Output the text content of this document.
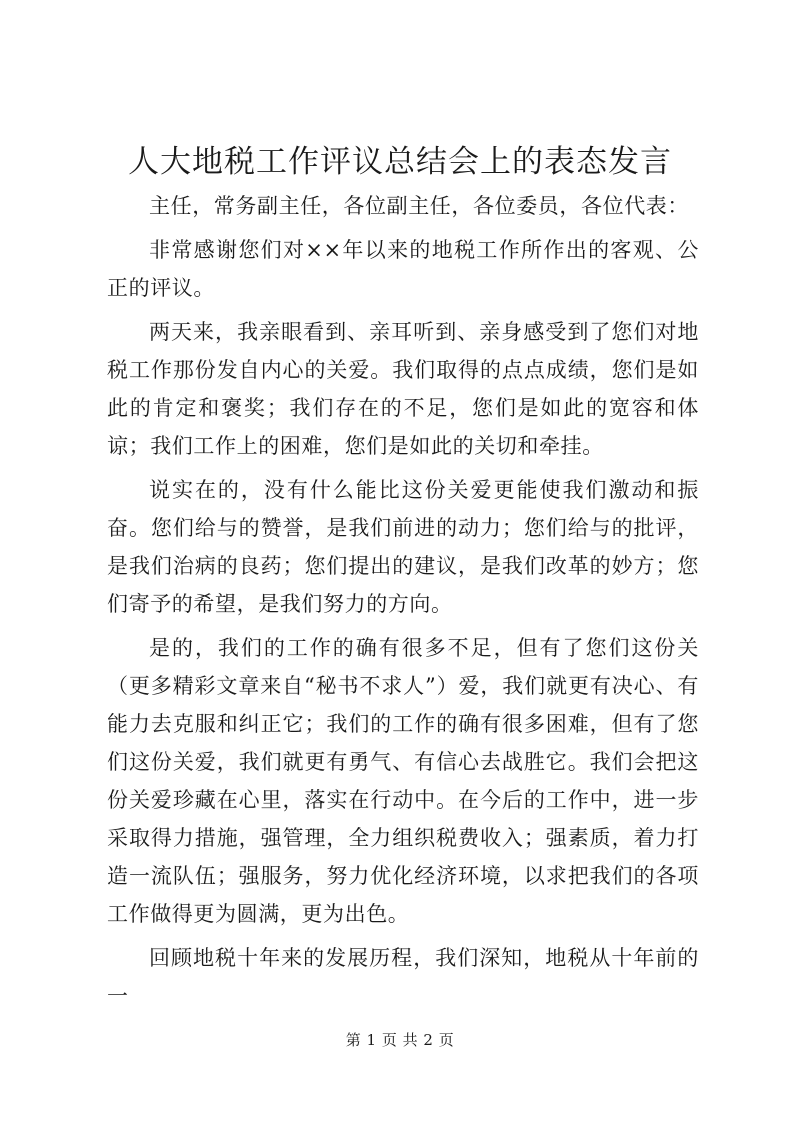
人大地税工作评议总结会上的表态发言

主任，常务副主任，各位副主任，各位委员，各位代表：

非常感谢您们对××年以来的地税工作所作出的客观、公正的评议。

两天来，我亲眼看到、亲耳听到、亲身感受到了您们对地税工作那份发自内心的关爱。我们取得的点点成绩，您们是如此的肯定和褒奖；我们存在的不足，您们是如此的宽容和体谅；我们工作上的困难，您们是如此的关切和牵挂。

说实在的，没有什么能比这份关爱更能使我们激动和振奋。您们给与的赞誉，是我们前进的动力；您们给与的批评，是我们治病的良药；您们提出的建议，是我们改革的妙方；您们寄予的希望，是我们努力的方向。

是的，我们的工作的确有很多不足，但有了您们这份关（更多精彩文章来自“秘书不求人”）爱，我们就更有决心、有能力去克服和纠正它；我们的工作的确有很多困难，但有了您们这份关爱，我们就更有勇气、有信心去战胜它。我们会把这份关爱珍藏在心里，落实在行动中。在今后的工作中，进一步采取得力措施，强管理，全力组织税费收入；强素质，着力打造一流队伍；强服务，努力优化经济环境，以求把我们的各项工作做得更为圆满，更为出色。

回顾地税十年来的发展历程，我们深知，地税从十年前的一

第 1 页 共 2 页
